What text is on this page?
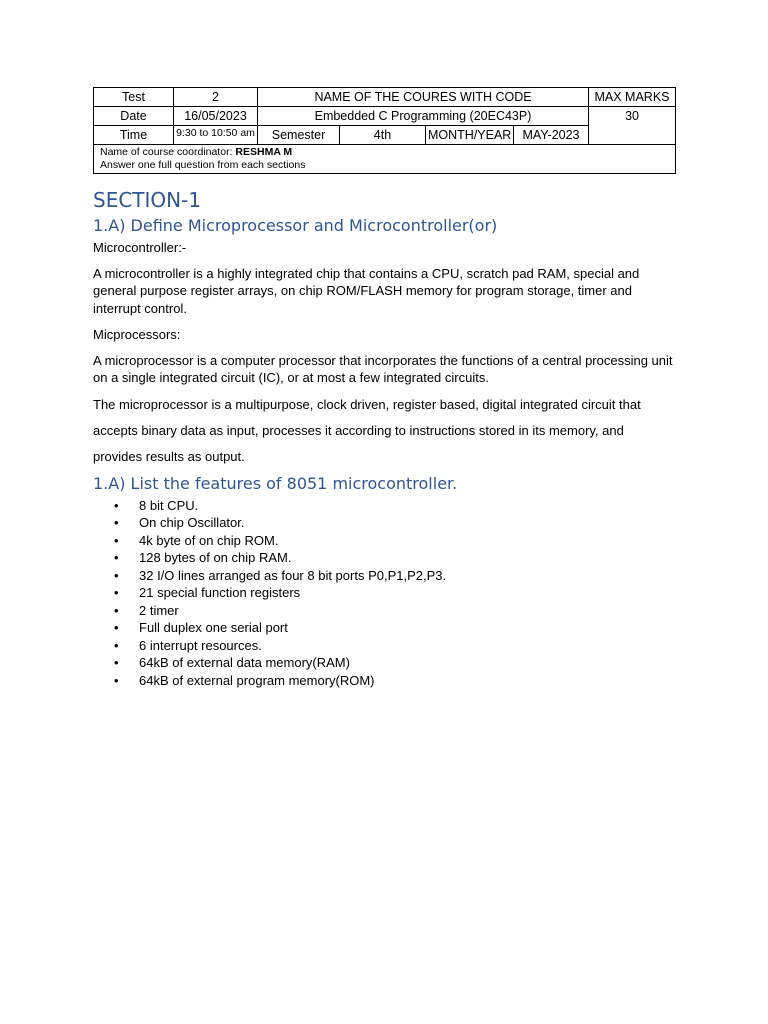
Test	2	NAME OF THE COURES WITH CODE				MAX MARKS
Date	16/05/2023	Embedded C Programming (20EC43P)				30
Time	9:30 to 10:50 am	Semester	4th	MONTH/YEAR	MAY-2023	
Name of course coordinator: RESHMA M
Answer one full question from each sections						
SECTION-1
1.A) Define Microprocessor and Microcontroller(or)

Microcontroller:-

A microcontroller is a highly integrated chip that contains a CPU, scratch pad RAM, special and general purpose register arrays, on chip ROM/FLASH memory for program storage, timer and interrupt control.

Micprocessors:

A microprocessor is a computer processor that incorporates the functions of a central processing unit on a single integrated circuit (IC), or at most a few integrated circuits.

The microprocessor is a multipurpose, clock driven, register based, digital integrated circuit that

accepts binary data as input, processes it according to instructions stored in its memory, and

provides results as output.

1.A) List the features of 8051 microcontroller.
• 8 bit CPU.
• On chip Oscillator.
• 4k byte of on chip ROM.
• 128 bytes of on chip RAM.
• 32 I/O lines arranged as four 8 bit ports P0,P1,P2,P3.
• 21 special function registers
• 2 timer
• Full duplex one serial port
• 6 interrupt resources.
• 64kB of external data memory(RAM)
• 64kB of external program memory(ROM)
